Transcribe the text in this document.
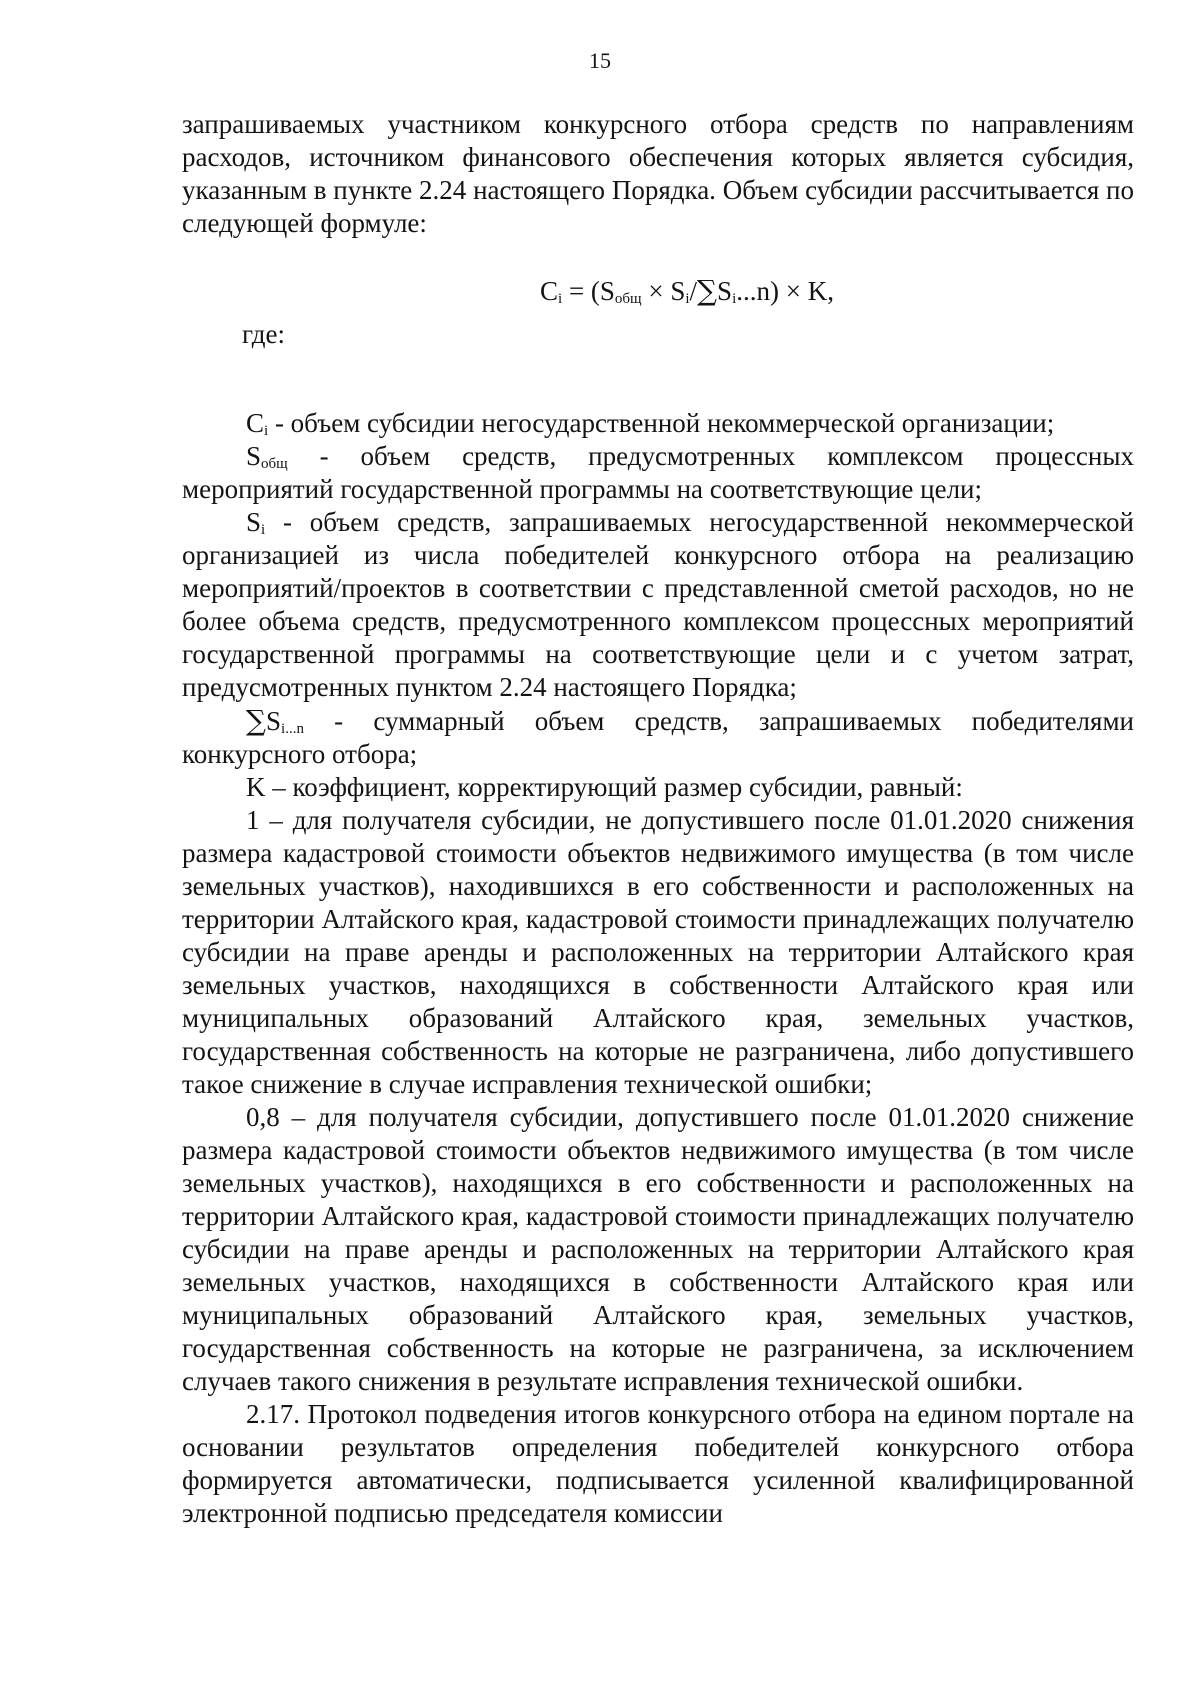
15

запрашиваемых участником конкурсного отбора средств по направлениям расходов, источником финансового обеспечения которых является субсидия, указанным в пункте 2.24 настоящего Порядка. Объем субсидии рассчитывается по следующей формуле:

$C_i = (S_{общ} \times S_i/\sum S_i...n) \times K$,

где:

$C_i$ - объем субсидии негосударственной некоммерческой организации;

$S_{общ}$ - объем средств, предусмотренных комплексом процессных мероприятий государственной программы на соответствующие цели;

$S_i$ - объем средств, запрашиваемых негосударственной некоммерческой организацией из числа победителей конкурсного отбора на реализацию мероприятий/проектов в соответствии с представленной сметой расходов, но не более объема средств, предусмотренного комплексом процессных мероприятий государственной программы на соответствующие цели и с учетом затрат, предусмотренных пунктом 2.24 настоящего Порядка;

$\sum S_{i...n}$ - суммарный объем средств, запрашиваемых победителями конкурсного отбора;

K – коэффициент, корректирующий размер субсидии, равный:

1 – для получателя субсидии, не допустившего после 01.01.2020 снижения размера кадастровой стоимости объектов недвижимого имущества (в том числе земельных участков), находившихся в его собственности и расположенных на территории Алтайского края, кадастровой стоимости принадлежащих получателю субсидии на праве аренды и расположенных на территории Алтайского края земельных участков, находящихся в собственности Алтайского края или муниципальных образований Алтайского края, земельных участков, государственная собственность на которые не разграничена, либо допустившего такое снижение в случае исправления технической ошибки;

0,8 – для получателя субсидии, допустившего после 01.01.2020 снижение размера кадастровой стоимости объектов недвижимого имущества (в том числе земельных участков), находящихся в его собственности и расположенных на территории Алтайского края, кадастровой стоимости принадлежащих получателю субсидии на праве аренды и расположенных на территории Алтайского края земельных участков, находящихся в собственности Алтайского края или муниципальных образований Алтайского края, земельных участков, государственная собственность на которые не разграничена, за исключением случаев такого снижения в результате исправления технической ошибки.

2.17. Протокол подведения итогов конкурсного отбора на едином портале на основании результатов определения победителей конкурсного отбора формируется автоматически, подписывается усиленной квалифицированной электронной подписью председателя комиссии
